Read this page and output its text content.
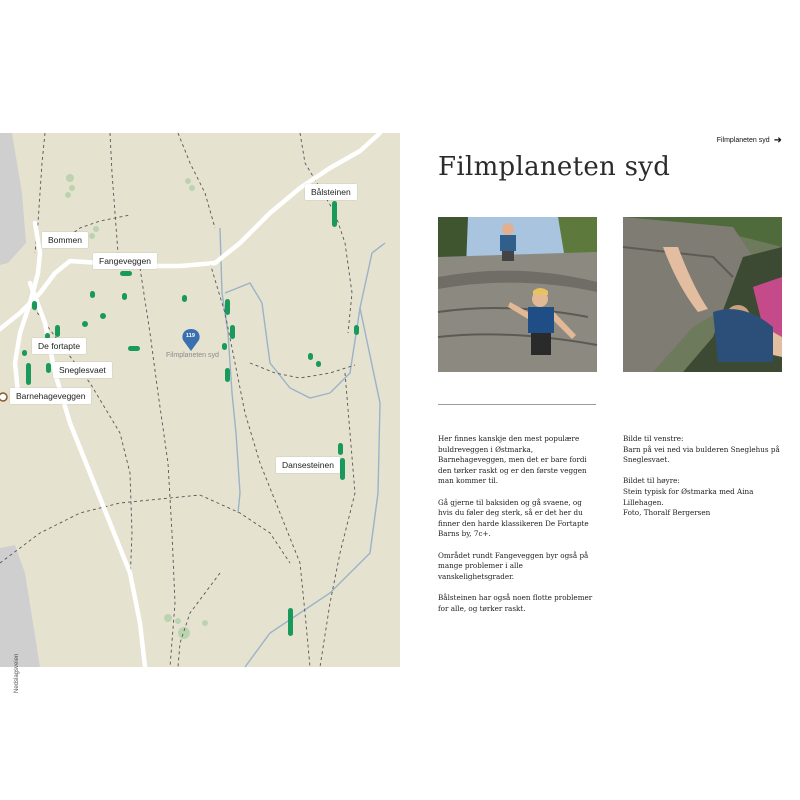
119
Filmplaneten syd
Nedslagsveien
Bålsteinen
Bommen
Fangeveggen
De fortapte
Sneglesvaet
Barnehageveggen
Dansesteinen
Filmplaneten syd ➜
Filmplaneten syd

Her finnes kanskje den mest populære buldreveggen i Østmarka, Barnehageveggen, men det er bare fordi den tørker raskt og er den første veggen man kommer til.

Gå gjerne til baksiden og gå svaene, og hvis du føler deg sterk, så er det her du finner den harde klassikeren De Fortapte Barns by, 7c+.

Området rundt Fangeveggen byr også på mange problemer i alle vanskelighetsgrader.

Bålsteinen har også noen flotte problemer for alle, og tørker raskt.

Bilde til venstre:
Barn på vei ned via bulderen Sneglehus på Sneglesvaet.
Bildet til høyre:
Stein typisk for Østmarka med Aina Lillehagen.
Foto, Thoralf Bergersen
